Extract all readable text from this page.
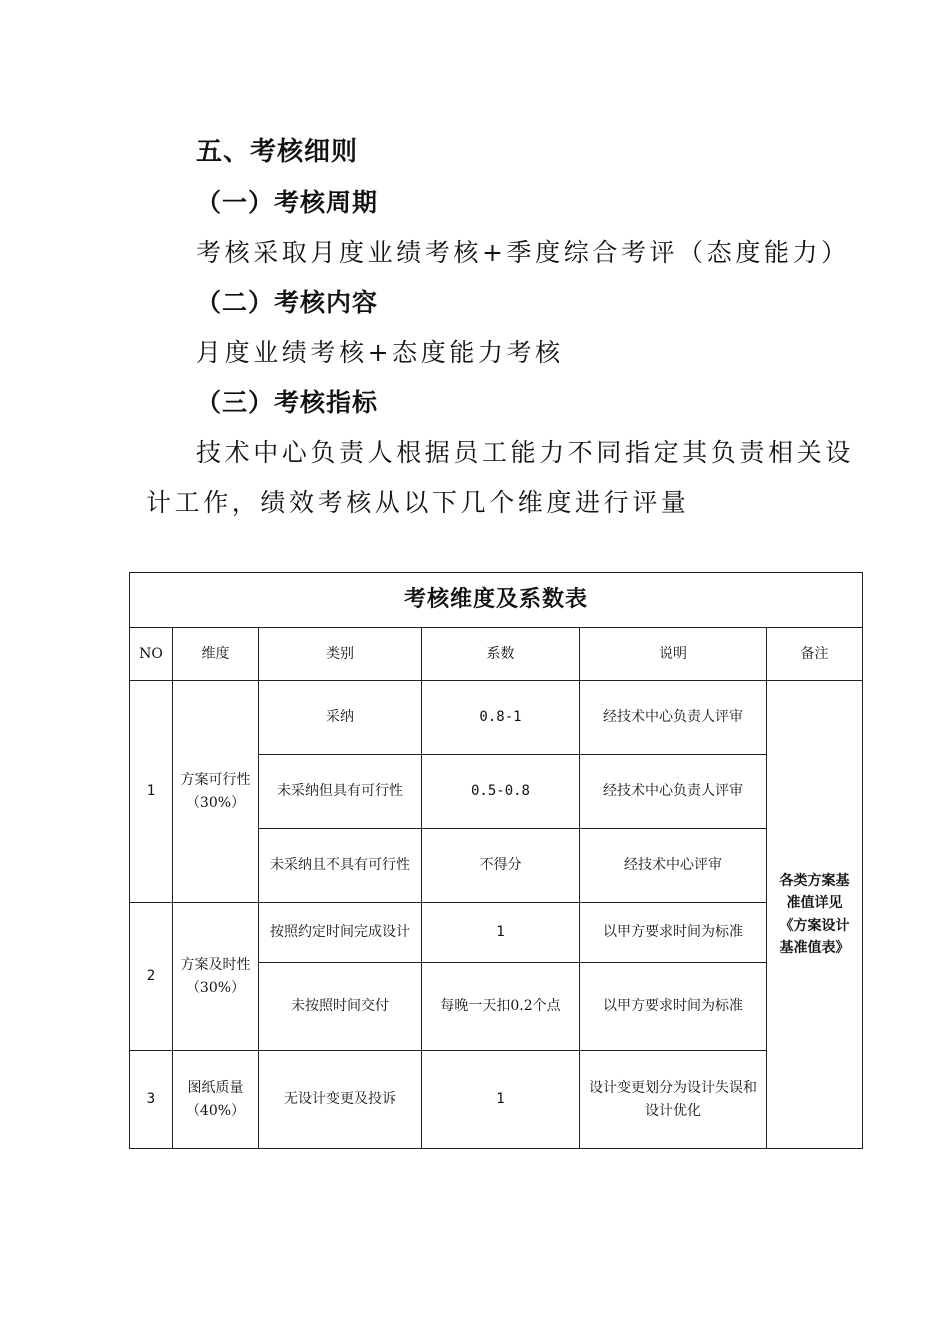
五、考核细则
（一）考核周期
考核采取月度业绩考核+季度综合考评（态度能力）
（二）考核内容
月度业绩考核+态度能力考核
（三）考核指标
技术中心负责人根据员工能力不同指定其负责相关设
计工作，绩效考核从以下几个维度进行评量
考核维度及系数表					
NO	维度	类别	系数	说明	备注
1	方案可行性（30%）	采纳	0.8-1	经技术中心负责人评审	各类方案基准值详见《方案设计基准值表》
		未采纳但具有可行性	0.5-0.8	经技术中心负责人评审	
		未采纳且不具有可行性	不得分	经技术中心评审	
2	方案及时性（30%）	按照约定时间完成设计	1	以甲方要求时间为标准	
		未按照时间交付	每晚一天扣0.2个点	以甲方要求时间为标准	
3	图纸质量（40%）	无设计变更及投诉	1	设计变更划分为设计失误和设计优化	
